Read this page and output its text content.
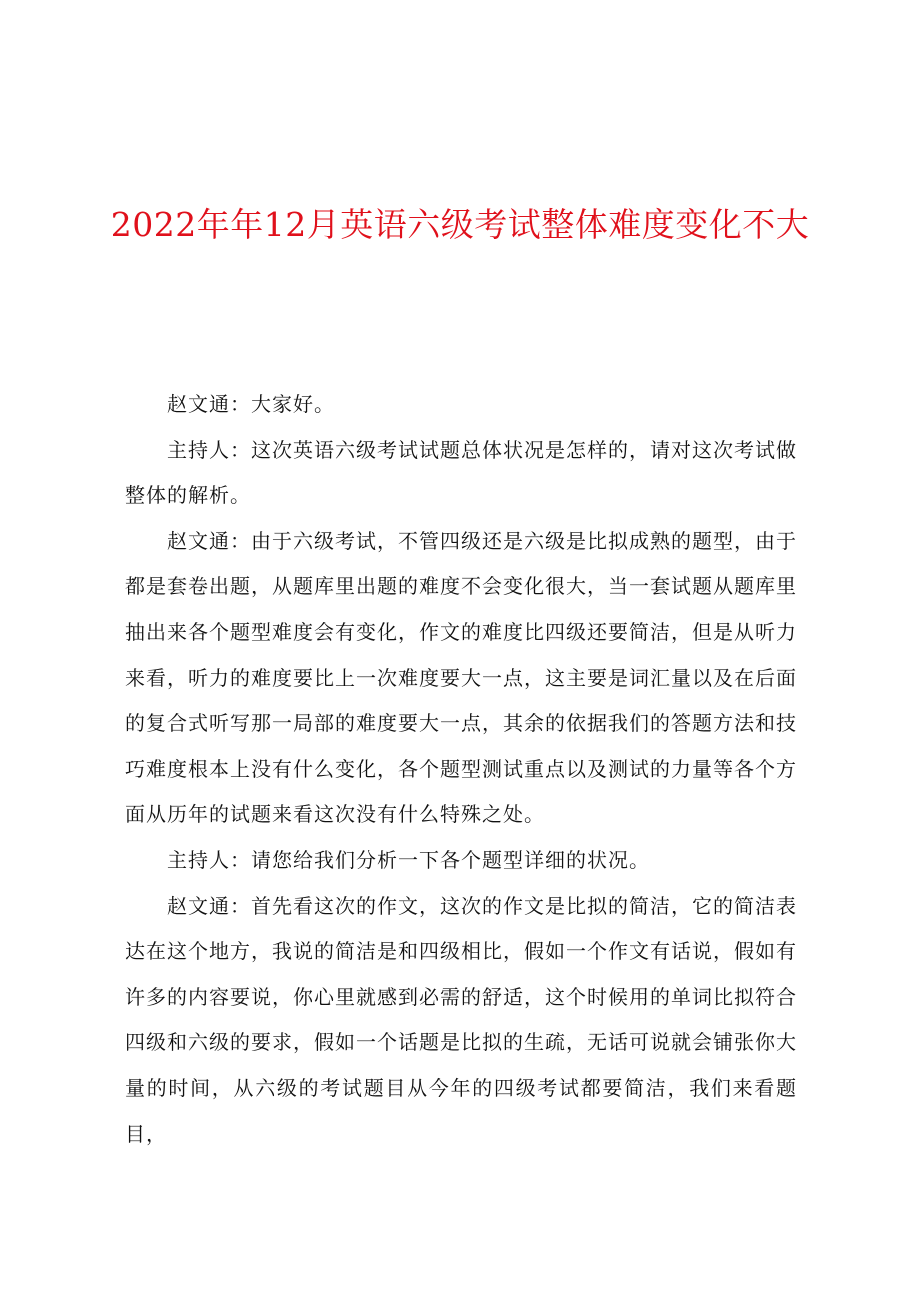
2022年年12月英语六级考试整体难度变化不大

赵文通：大家好。

主持人：这次英语六级考试试题总体状况是怎样的，请对这次考试做整体的解析。

赵文通：由于六级考试，不管四级还是六级是比拟成熟的题型，由于都是套卷出题，从题库里出题的难度不会变化很大，当一套试题从题库里抽出来各个题型难度会有变化，作文的难度比四级还要简洁，但是从听力来看，听力的难度要比上一次难度要大一点，这主要是词汇量以及在后面的复合式听写那一局部的难度要大一点，其余的依据我们的答题方法和技巧难度根本上没有什么变化，各个题型测试重点以及测试的力量等各个方面从历年的试题来看这次没有什么特殊之处。

主持人：请您给我们分析一下各个题型详细的状况。

赵文通：首先看这次的作文，这次的作文是比拟的简洁，它的简洁表达在这个地方，我说的简洁是和四级相比，假如一个作文有话说，假如有许多的内容要说，你心里就感到必需的舒适，这个时候用的单词比拟符合四级和六级的要求，假如一个话题是比拟的生疏，无话可说就会铺张你大量的时间，从六级的考试题目从今年的四级考试都要简洁，我们来看题目，
